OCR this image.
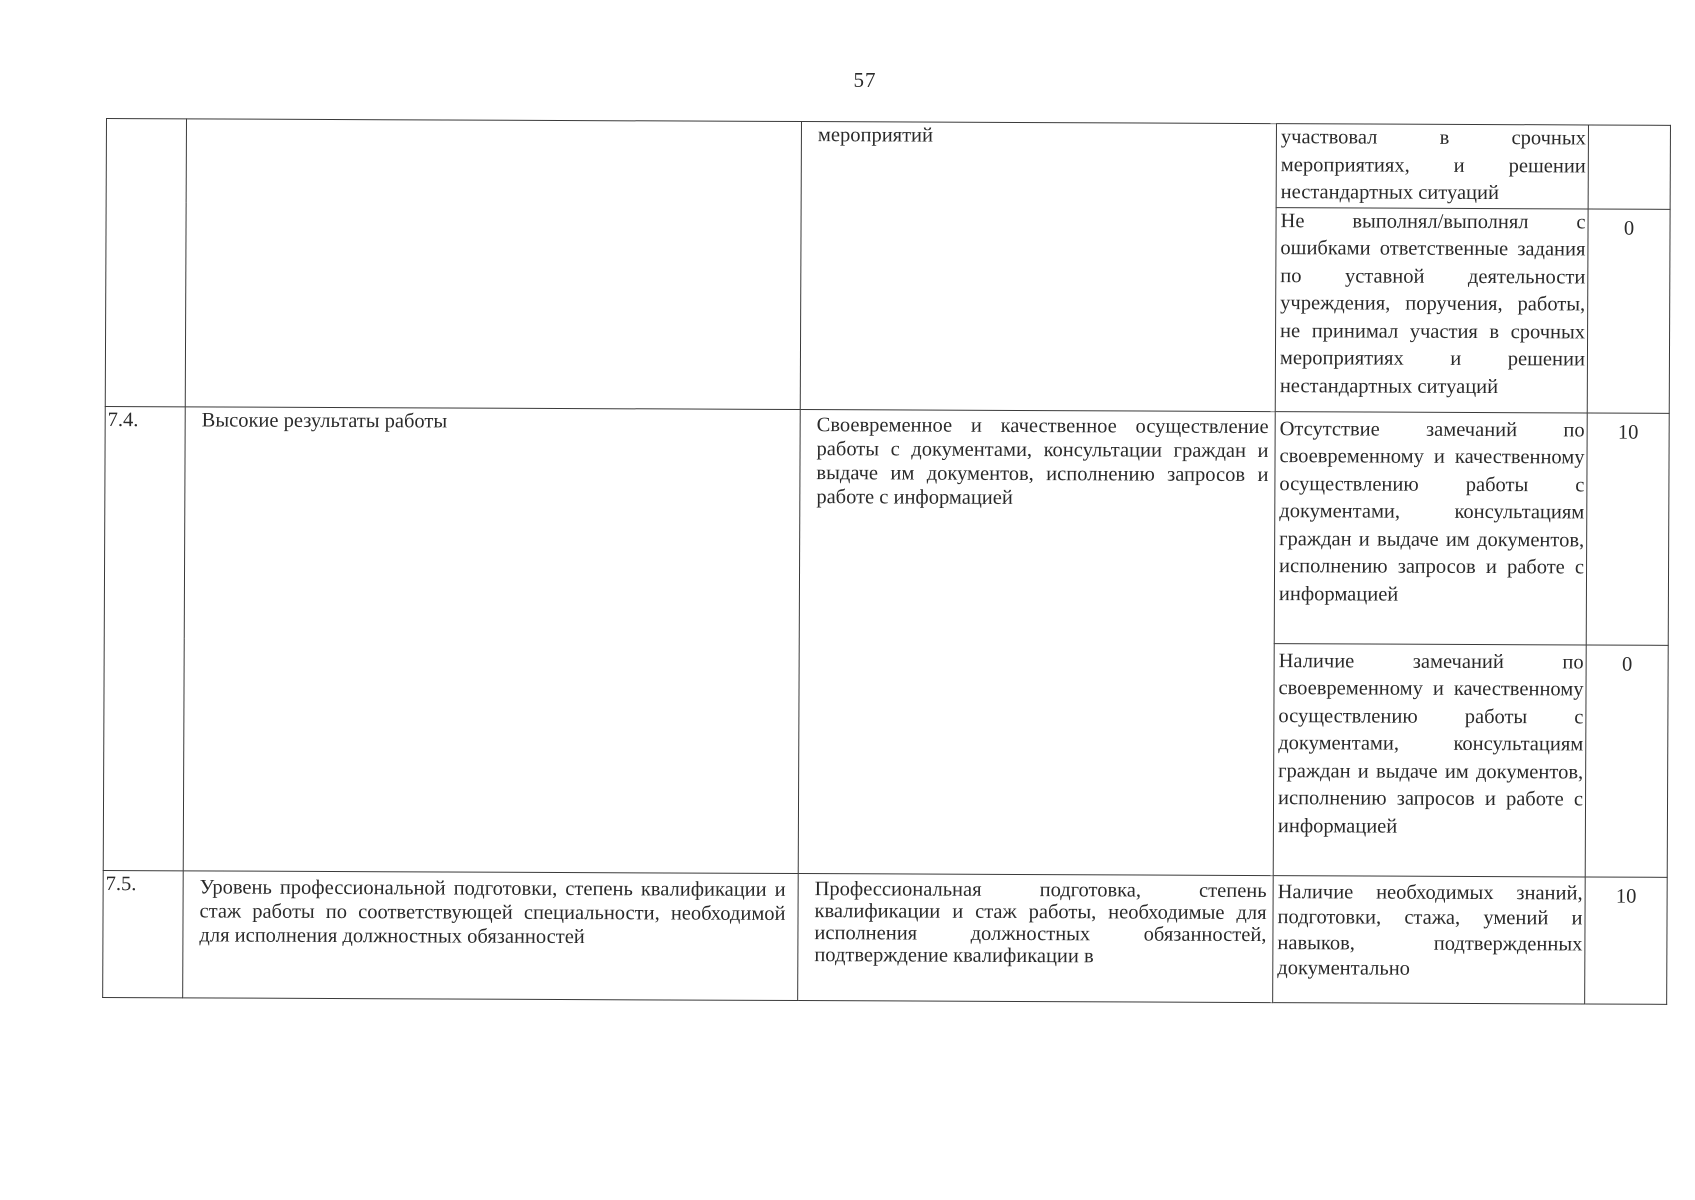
57
		мероприятий	участвовал в срочных мероприятиях, и решении нестандартных ситуаций	
			Не выполнял/выполнял с ошибками ответственные задания по уставной деятельности учреждения, поручения, работы, не принимал участия в срочных мероприятиях и решении нестандартных ситуаций	0
7.4.	Высокие результаты работы	Своевременное и качественное осуществление работы с документами, консультации граждан и выдаче им документов, исполнению запросов и работе с информацией	Отсутствие замечаний по своевременному и качественному осуществлению работы с документами, консультациям граждан и выдаче им документов, исполнению запросов и работе с информацией	10
			Наличие замечаний по своевременному и качественному осуществлению работы с документами, консультациям граждан и выдаче им документов, исполнению запросов и работе с информацией	0
7.5.	Уровень профессиональной подготовки, степень квалификации и стаж работы по соответствующей специальности, необходимой для исполнения должностных обязанностей	Профессиональная подготовка, степень квалификации и стаж работы, необходимые для исполнения должностных обязанностей, подтверждение квалификации в	Наличие необходимых знаний, подготовки, стажа, умений и навыков, подтвержденных документально	10
